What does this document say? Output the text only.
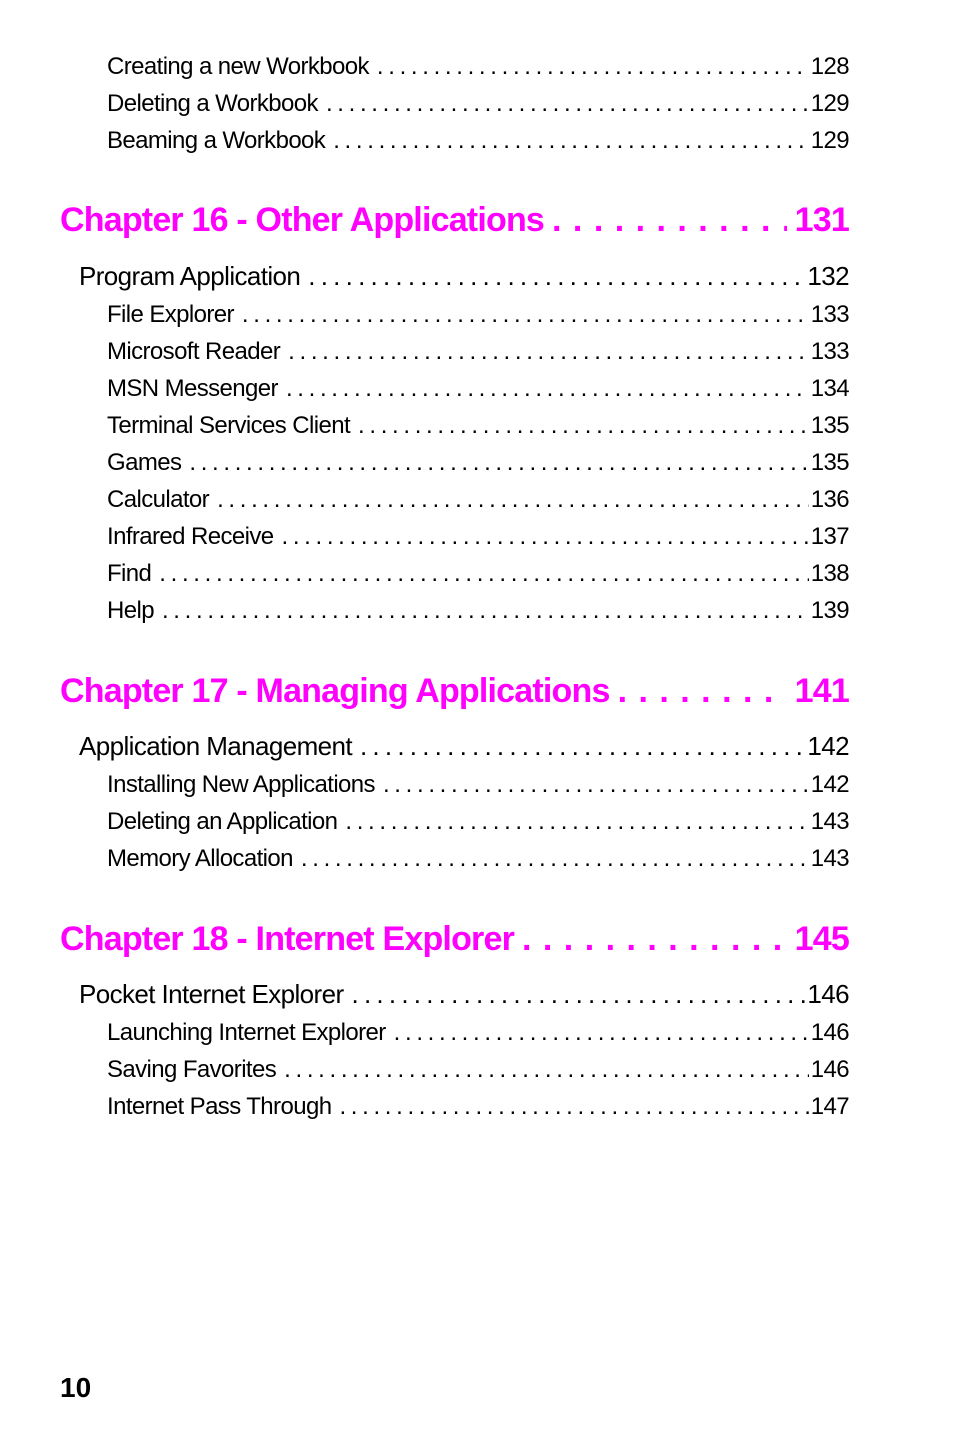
Creating a new Workbook . . .	128
Deleting a Workbook . . .	129
Beaming a Workbook . . .	129
Chapter 16 - Other Applications . . .	131
Program Application . . .	132
File Explorer . . .	133
Microsoft Reader . . .	133
MSN Messenger . . .	134
Terminal Services Client . . .	135
Games . . .	135
Calculator . . .	136
Infrared Receive . . .	137
Find . . .	138
Help . . .	139
Chapter 17 - Managing Applications . . .	141
Application Management . . .	142
Installing New Applications . . .	142
Deleting an Application . . .	143
Memory Allocation . . .	143
Chapter 18 - Internet Explorer . . .	145
Pocket Internet Explorer . . .	146
Launching Internet Explorer . . .	146
Saving Favorites . . .	146
Internet Pass Through . . .	147
10
